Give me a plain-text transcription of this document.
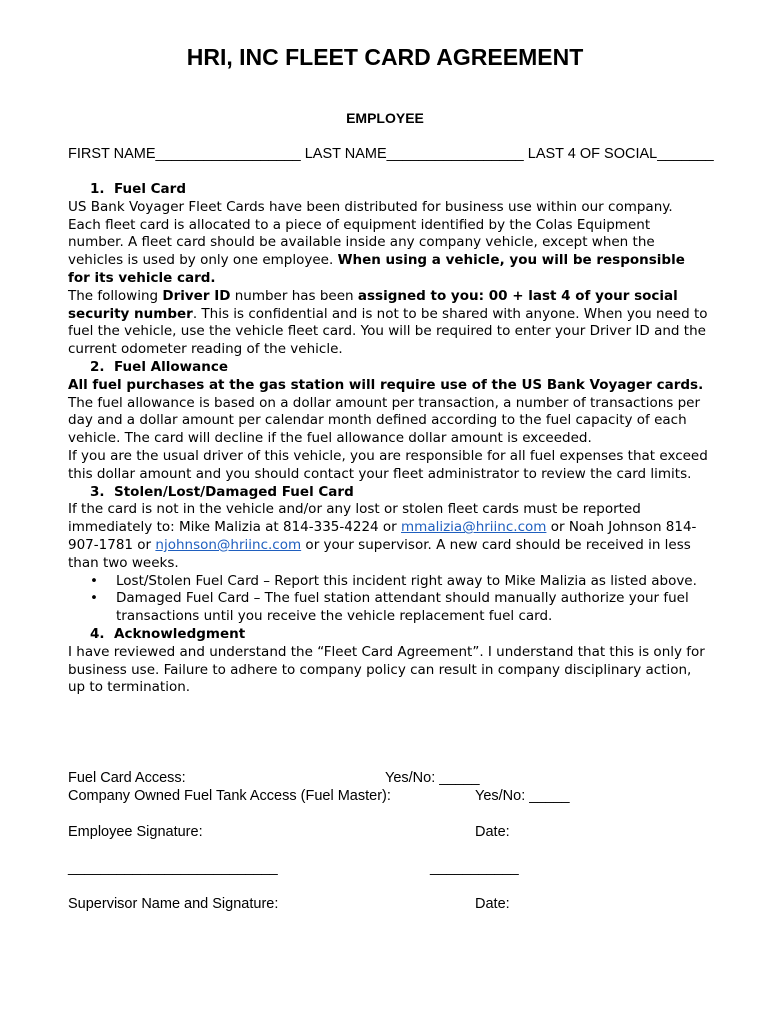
HRI, INC FLEET CARD AGREEMENT
EMPLOYEE
FIRST NAME__________________ LAST NAME_________________ LAST 4 OF SOCIAL_______

1. Fuel Card

US Bank Voyager Fleet Cards have been distributed for business use within our company. Each fleet card is allocated to a piece of equipment identified by the Colas Equipment number. A fleet card should be available inside any company vehicle, except when the vehicles is used by only one employee. When using a vehicle, you will be responsible for its vehicle card.

The following Driver ID number has been assigned to you: 00 + last 4 of your social security number. This is confidential and is not to be shared with anyone. When you need to fuel the vehicle, use the vehicle fleet card. You will be required to enter your Driver ID and the current odometer reading of the vehicle.

2. Fuel Allowance

All fuel purchases at the gas station will require use of the US Bank Voyager cards.

The fuel allowance is based on a dollar amount per transaction, a number of transactions per day and a dollar amount per calendar month defined according to the fuel capacity of each vehicle. The card will decline if the fuel allowance dollar amount is exceeded.

If you are the usual driver of this vehicle, you are responsible for all fuel expenses that exceed this dollar amount and you should contact your fleet administrator to review the card limits.

3. Stolen/Lost/Damaged Fuel Card

If the card is not in the vehicle and/or any lost or stolen fleet cards must be reported immediately to: Mike Malizia at 814-335-4224 or mmalizia@hriinc.com or Noah Johnson 814-907-1781 or njohnson@hriinc.com or your supervisor. A new card should be received in less than two weeks.

• Lost/Stolen Fuel Card – Report this incident right away to Mike Malizia as listed above.
• Damaged Fuel Card – The fuel station attendant should manually authorize your fuel transactions until you receive the vehicle replacement fuel card.

4. Acknowledgment

I have reviewed and understand the “Fleet Card Agreement”. I understand that this is only for business use. Failure to adhere to company policy can result in company disciplinary action, up to termination.

Fuel Card Access:	Yes/No: _____
Company Owned Fuel Tank Access (Fuel Master):	Yes/No: _____
Employee Signature:	Date:
__________________________	___________
Supervisor Name and Signature:	Date:
